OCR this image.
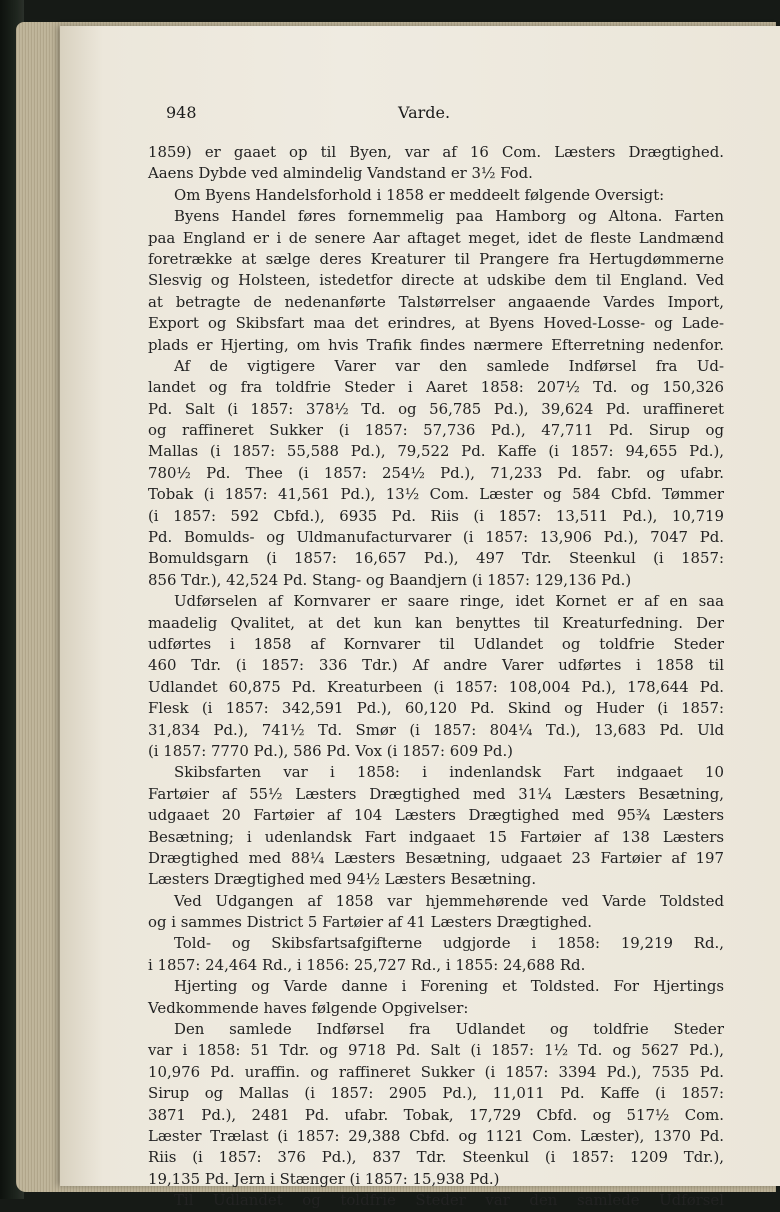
948	Varde.
1859) er gaaet op til Byen, var af 16 Com. Læsters Drægtighed.
Aaens Dybde ved almindelig Vandstand er 3½ Fod.
Om Byens Handelsforhold i 1858 er meddeelt følgende Oversigt:
Byens Handel føres fornemmelig paa Hamborg og Altona. Farten
paa England er i de senere Aar aftaget meget, idet de fleste Landmænd
foretrække at sælge deres Kreaturer til Prangere fra Hertugdømmerne
Slesvig og Holsteen, istedetfor directe at udskibe dem til England. Ved
at betragte de nedenanførte Talstørrelser angaaende Vardes Import,
Export og Skibsfart maa det erindres, at Byens Hoved-Losse- og Lade-
plads er Hjerting, om hvis Trafik findes nærmere Efterretning nedenfor.
Af de vigtigere Varer var den samlede Indførsel fra Ud-
landet og fra toldfrie Steder i Aaret 1858: 207½ Td. og 150,326
Pd. Salt (i 1857: 378½ Td. og 56,785 Pd.), 39,624 Pd. uraffineret
og raffineret Sukker (i 1857: 57,736 Pd.), 47,711 Pd. Sirup og
Mallas (i 1857: 55,588 Pd.), 79,522 Pd. Kaffe (i 1857: 94,655 Pd.),
780½ Pd. Thee (i 1857: 254½ Pd.), 71,233 Pd. fabr. og ufabr.
Tobak (i 1857: 41,561 Pd.), 13½ Com. Læster og 584 Cbfd. Tømmer
(i 1857: 592 Cbfd.), 6935 Pd. Riis (i 1857: 13,511 Pd.), 10,719
Pd. Bomulds- og Uldmanufacturvarer (i 1857: 13,906 Pd.), 7047 Pd.
Bomuldsgarn (i 1857: 16,657 Pd.), 497 Tdr. Steenkul (i 1857:
856 Tdr.), 42,524 Pd. Stang- og Baandjern (i 1857: 129,136 Pd.)
Udførselen af Kornvarer er saare ringe, idet Kornet er af en saa
maadelig Qvalitet, at det kun kan benyttes til Kreaturfedning. Der
udførtes i 1858 af Kornvarer til Udlandet og toldfrie Steder
460 Tdr. (i 1857: 336 Tdr.) Af andre Varer udførtes i 1858 til
Udlandet 60,875 Pd. Kreaturbeen (i 1857: 108,004 Pd.), 178,644 Pd.
Flesk (i 1857: 342,591 Pd.), 60,120 Pd. Skind og Huder (i 1857:
31,834 Pd.), 741½ Td. Smør (i 1857: 804¼ Td.), 13,683 Pd. Uld
(i 1857: 7770 Pd.), 586 Pd. Vox (i 1857: 609 Pd.)
Skibsfarten var i 1858: i indenlandsk Fart indgaaet 10
Fartøier af 55½ Læsters Drægtighed med 31¼ Læsters Besætning,
udgaaet 20 Fartøier af 104 Læsters Drægtighed med 95¾ Læsters
Besætning; i udenlandsk Fart indgaaet 15 Fartøier af 138 Læsters
Drægtighed med 88¼ Læsters Besætning, udgaaet 23 Fartøier af 197
Læsters Drægtighed med 94½ Læsters Besætning.
Ved Udgangen af 1858 var hjemmehørende ved Varde Toldsted
og i sammes District 5 Fartøier af 41 Læsters Drægtighed.
Told- og Skibsfartsafgifterne udgjorde i 1858: 19,219 Rd.,
i 1857: 24,464 Rd., i 1856: 25,727 Rd., i 1855: 24,688 Rd.
Hjerting og Varde danne i Forening et Toldsted. For Hjertings
Vedkommende haves følgende Opgivelser:
Den samlede Indførsel fra Udlandet og toldfrie Steder
var i 1858: 51 Tdr. og 9718 Pd. Salt (i 1857: 1½ Td. og 5627 Pd.),
10,976 Pd. uraffin. og raffineret Sukker (i 1857: 3394 Pd.), 7535 Pd.
Sirup og Mallas (i 1857: 2905 Pd.), 11,011 Pd. Kaffe (i 1857:
3871 Pd.), 2481 Pd. ufabr. Tobak, 17,729 Cbfd. og 517½ Com.
Læster Trælast (i 1857: 29,388 Cbfd. og 1121 Com. Læster), 1370 Pd.
Riis (i 1857: 376 Pd.), 837 Tdr. Steenkul (i 1857: 1209 Tdr.),
19,135 Pd. Jern i Stænger (i 1857: 15,938 Pd.)
Til Udlandet og toldfrie Steder var den samlede Udførsel
